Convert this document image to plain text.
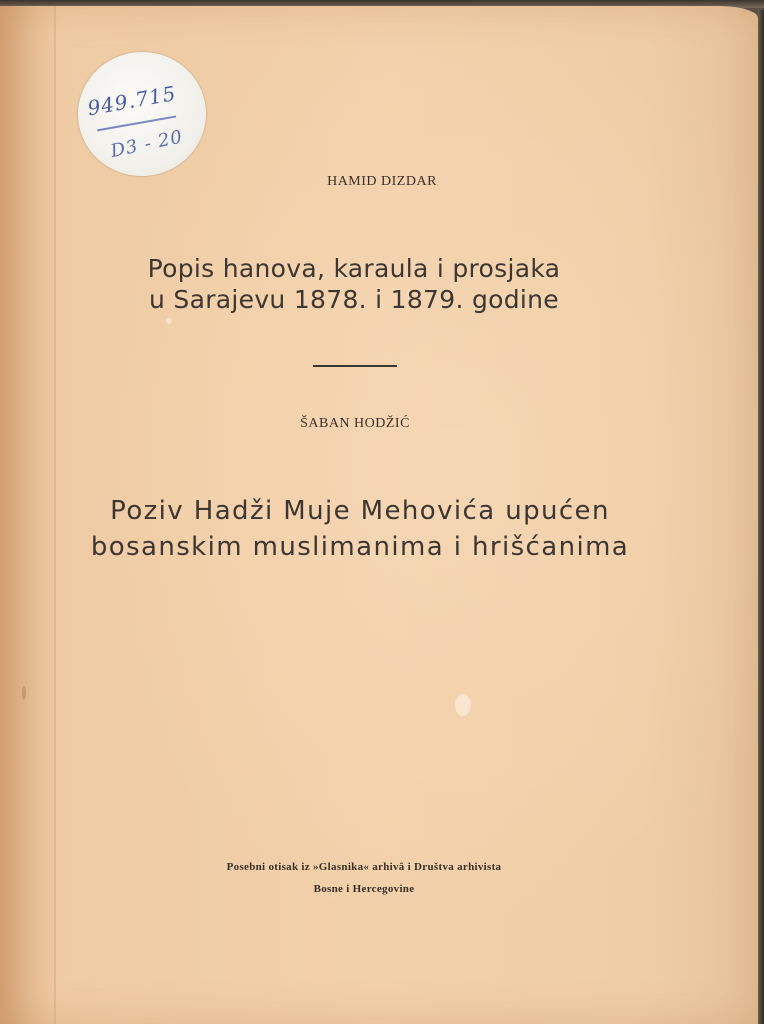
949.715
D3 - 20
HAMID DIZDAR
Popis hanova, karaula i prosjaka
u Sarajevu 1878. i 1879. godine
ŠABAN HODŽIĆ
Poziv Hadži Muje Mehovića upućen
bosanskim muslimanima i hrišćanima
Posebni otisak iz »Glasnika« arhivâ i Društva arhivista
Bosne i Hercegovine
